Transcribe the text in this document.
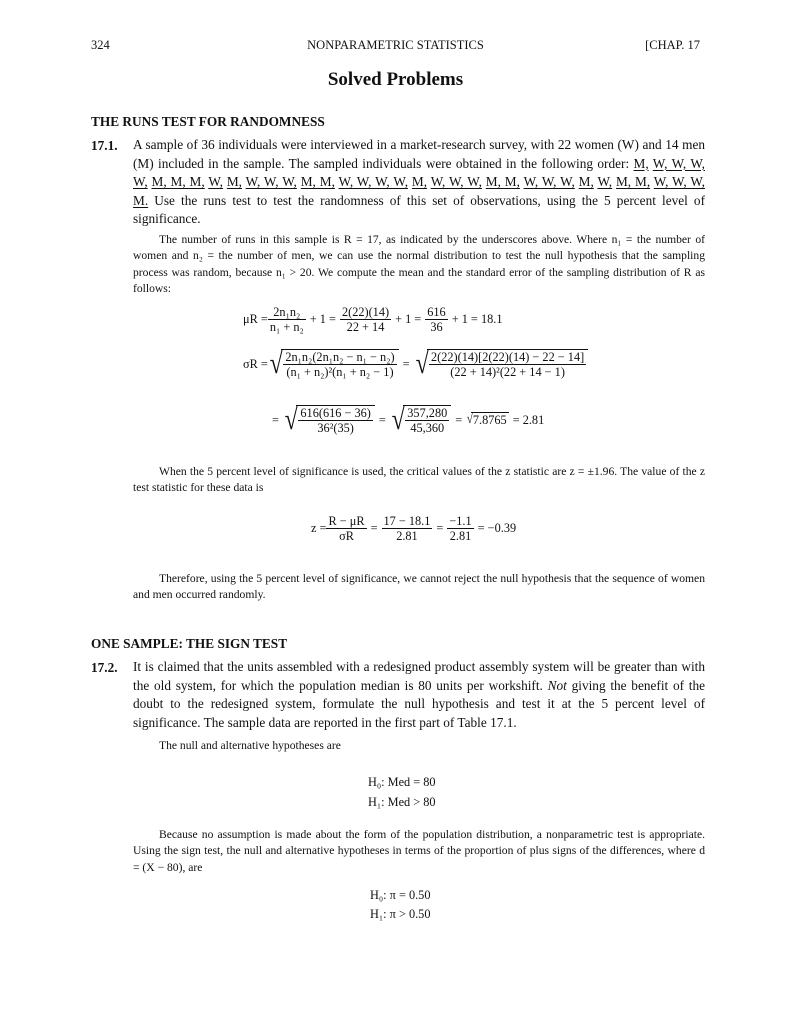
324	NONPARAMETRIC STATISTICS	[CHAP. 17
Solved Problems
THE RUNS TEST FOR RANDOMNESS
17.1. A sample of 36 individuals were interviewed in a market-research survey, with 22 women (W) and 14 men (M) included in the sample. The sampled individuals were obtained in the following order: M, W, W, W, W, M, M, M, W, M, W, W, W, M, M, W, W, W, W, M, W, W, W, M, M, W, W, W, M, W, M, M, W, W, W, M. Use the runs test to test the randomness of this set of observations, using the 5 percent level of significance.
The number of runs in this sample is R = 17, as indicated by the underscores above. Where n₁ = the number of women and n₂ = the number of men, we can use the normal distribution to test the null hypothesis that the sampling process was random, because n₁ > 20. We compute the mean and the standard error of the sampling distribution of R as follows:
$\mu R = \frac{\text{2n₁n₂}}{\text{n₁ + n₂}} + 1 = \frac{2(22)(14)}{22 + 14} + 1 = \frac{616}{36} + 1 = 18.1$
σR = √ $\frac{\text{2n₁n₂(2n₁n₂ − n₁ − n₂)}}{\text{(n₁ + n₂)²(n₁ + n₂ − 1)}}$ = √ $\frac{2(22)(14)[2(22)(14) - 22 - 14]}{\text{(22 + 14)²(22 + 14 − 1)}}$
= √ $\frac{616(616 - 36)}{\text{36²(35)}}$ = √ $\frac{357,280}{45,360}$ = √ 7.8765 = 2.81
When the 5 percent level of significance is used, the critical values of the z statistic are z = ±1.96. The value of the z test statistic for these data is
$z = \frac{R - \mu R}{\sigma R} = \frac{17 - 18.1}{2.81} = \frac{-1.1}{2.81} = -0.39$
Therefore, using the 5 percent level of significance, we cannot reject the null hypothesis that the sequence of women and men occurred randomly.
ONE SAMPLE: THE SIGN TEST
17.2. It is claimed that the units assembled with a redesigned product assembly system will be greater than with the old system, for which the population median is 80 units per workshift. Not giving the benefit of the doubt to the redesigned system, formulate the null hypothesis and test it at the 5 percent level of significance. The sample data are reported in the first part of Table 17.1.
The null and alternative hypotheses are
H₀: Med = 80
H₁: Med > 80
Because no assumption is made about the form of the population distribution, a nonparametric test is appropriate. Using the sign test, the null and alternative hypotheses in terms of the proportion of plus signs of the differences, where d = (X − 80), are
H₀: π = 0.50
H₁: π > 0.50
